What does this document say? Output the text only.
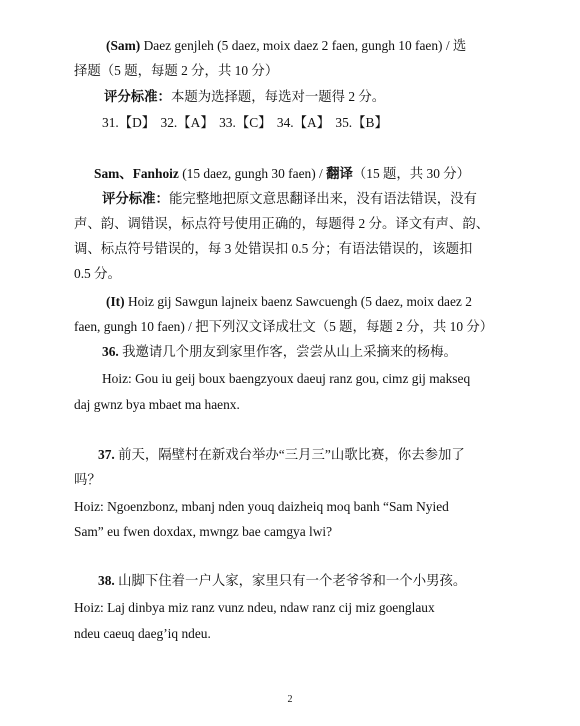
(Sam) Daez genjleh (5 daez, moix daez 2 faen, gungh 10 faen) / 选
择题（5 题，每题 2 分，共 10 分）
评分标准：本题为选择题，每选对一题得 2 分。
31.【D】 32.【A】 33.【C】 34.【A】 35.【B】
Sam、Fanhoiz (15 daez, gungh 30 faen) / 翻译（15 题，共 30 分）
评分标准：能完整地把原文意思翻译出来，没有语法错误，没有
声、韵、调错误，标点符号使用正确的，每题得 2 分。译文有声、韵、
调、标点符号错误的，每 3 处错误扣 0.5 分；有语法错误的，该题扣
0.5 分。
(It) Hoiz gij Sawgun lajneix baenz Sawcuengh (5 daez, moix daez 2
faen, gungh 10 faen) / 把下列汉文译成壮文（5 题，每题 2 分，共 10 分）
36. 我邀请几个朋友到家里作客，尝尝从山上采摘来的杨梅。
Hoiz: Gou iu geij boux baengzyoux daeuj ranz gou, cimz gij makseq
daj gwnz bya mbaet ma haenx.
37. 前天，隔壁村在新戏台举办“三月三”山歌比赛，你去参加了
吗？
Hoiz: Ngoenzbonz, mbanj nden youq daizheiq moq banh “Sam Nyied
Sam” eu fwen doxdax, mwngz bae camgya lwi?
38. 山脚下住着一户人家，家里只有一个老爷爷和一个小男孩。
Hoiz: Laj dinbya miz ranz vunz ndeu, ndaw ranz cij miz goenglaux
ndeu caeuq daeg’iq ndeu.
2
